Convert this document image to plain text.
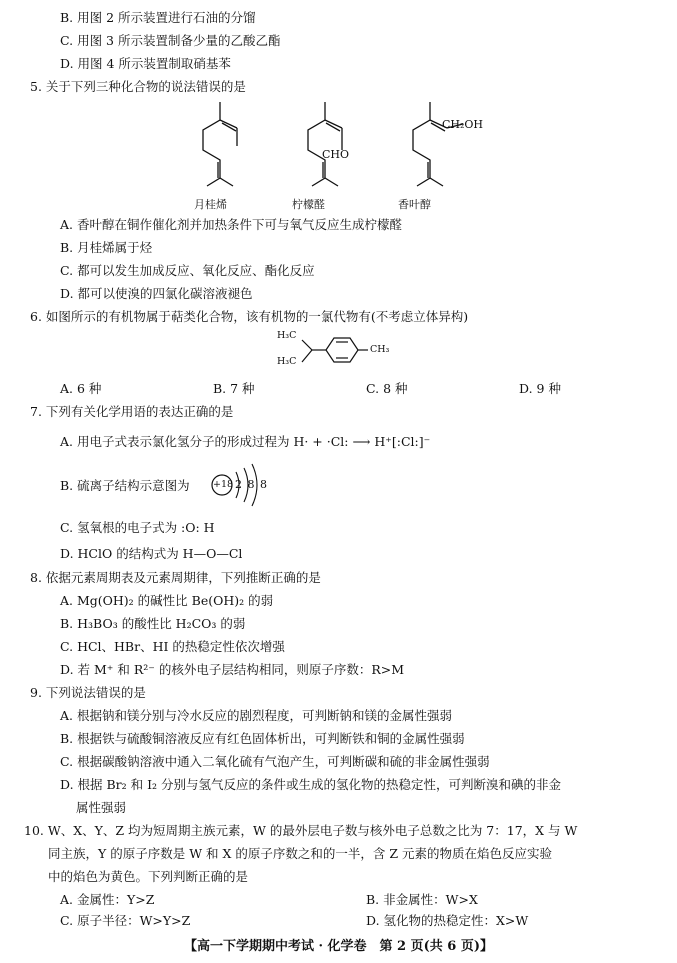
B. 用图 2 所示装置进行石油的分馏
C. 用图 3 所示装置制备少量的乙酸乙酯
D. 用图 4 所示装置制取硝基苯
5. 关于下列三种化合物的说法错误的是
月桂烯
CHO
柠檬醛
CH₂OH
香叶醇
A. 香叶醇在铜作催化剂并加热条件下可与氧气反应生成柠檬醛
B. 月桂烯属于烃
C. 都可以发生加成反应、氧化反应、酯化反应
D. 都可以使溴的四氯化碳溶液褪色
6. 如图所示的有机物属于萜类化合物，该有机物的一氯代物有(不考虑立体异构)
H₃C
H₃C
CH₃
A. 6 种	B. 7 种	C. 8 种	D. 9 种
7. 下列有关化学用语的表达正确的是
A. 用电子式表示氯化氢分子的形成过程为 H· + ·Cl: ⟶ H⁺[:Cl:]⁻
B. 硫离子结构示意图为 +18 2 8 8
C. 氢氧根的电子式为 :O: H
D. HClO 的结构式为 H—O—Cl
8. 依据元素周期表及元素周期律，下列推断正确的是
A. Mg(OH)₂ 的碱性比 Be(OH)₂ 的弱
B. H₃BO₃ 的酸性比 H₂CO₃ 的弱
C. HCl、HBr、HI 的热稳定性依次增强
D. 若 M⁺ 和 R²⁻ 的核外电子层结构相同，则原子序数：R>M
9. 下列说法错误的是
A. 根据钠和镁分别与冷水反应的剧烈程度，可判断钠和镁的金属性强弱
B. 根据铁与硫酸铜溶液反应有红色固体析出，可判断铁和铜的金属性强弱
C. 根据碳酸钠溶液中通入二氧化硫有气泡产生，可判断碳和硫的非金属性强弱
D. 根据 Br₂ 和 I₂ 分别与氢气反应的条件或生成的氢化物的热稳定性，可判断溴和碘的非金
属性强弱
10. W、X、Y、Z 均为短周期主族元素，W 的最外层电子数与核外电子总数之比为 7：17，X 与 W
同主族，Y 的原子序数是 W 和 X 的原子序数之和的一半，含 Z 元素的物质在焰色反应实验
中的焰色为黄色。下列判断正确的是
A. 金属性：Y>Z	B. 非金属性：W>X
C. 原子半径：W>Y>Z	D. 氢化物的热稳定性：X>W
【高一下学期期中考试 · 化学卷　第 2 页(共 6 页)】
